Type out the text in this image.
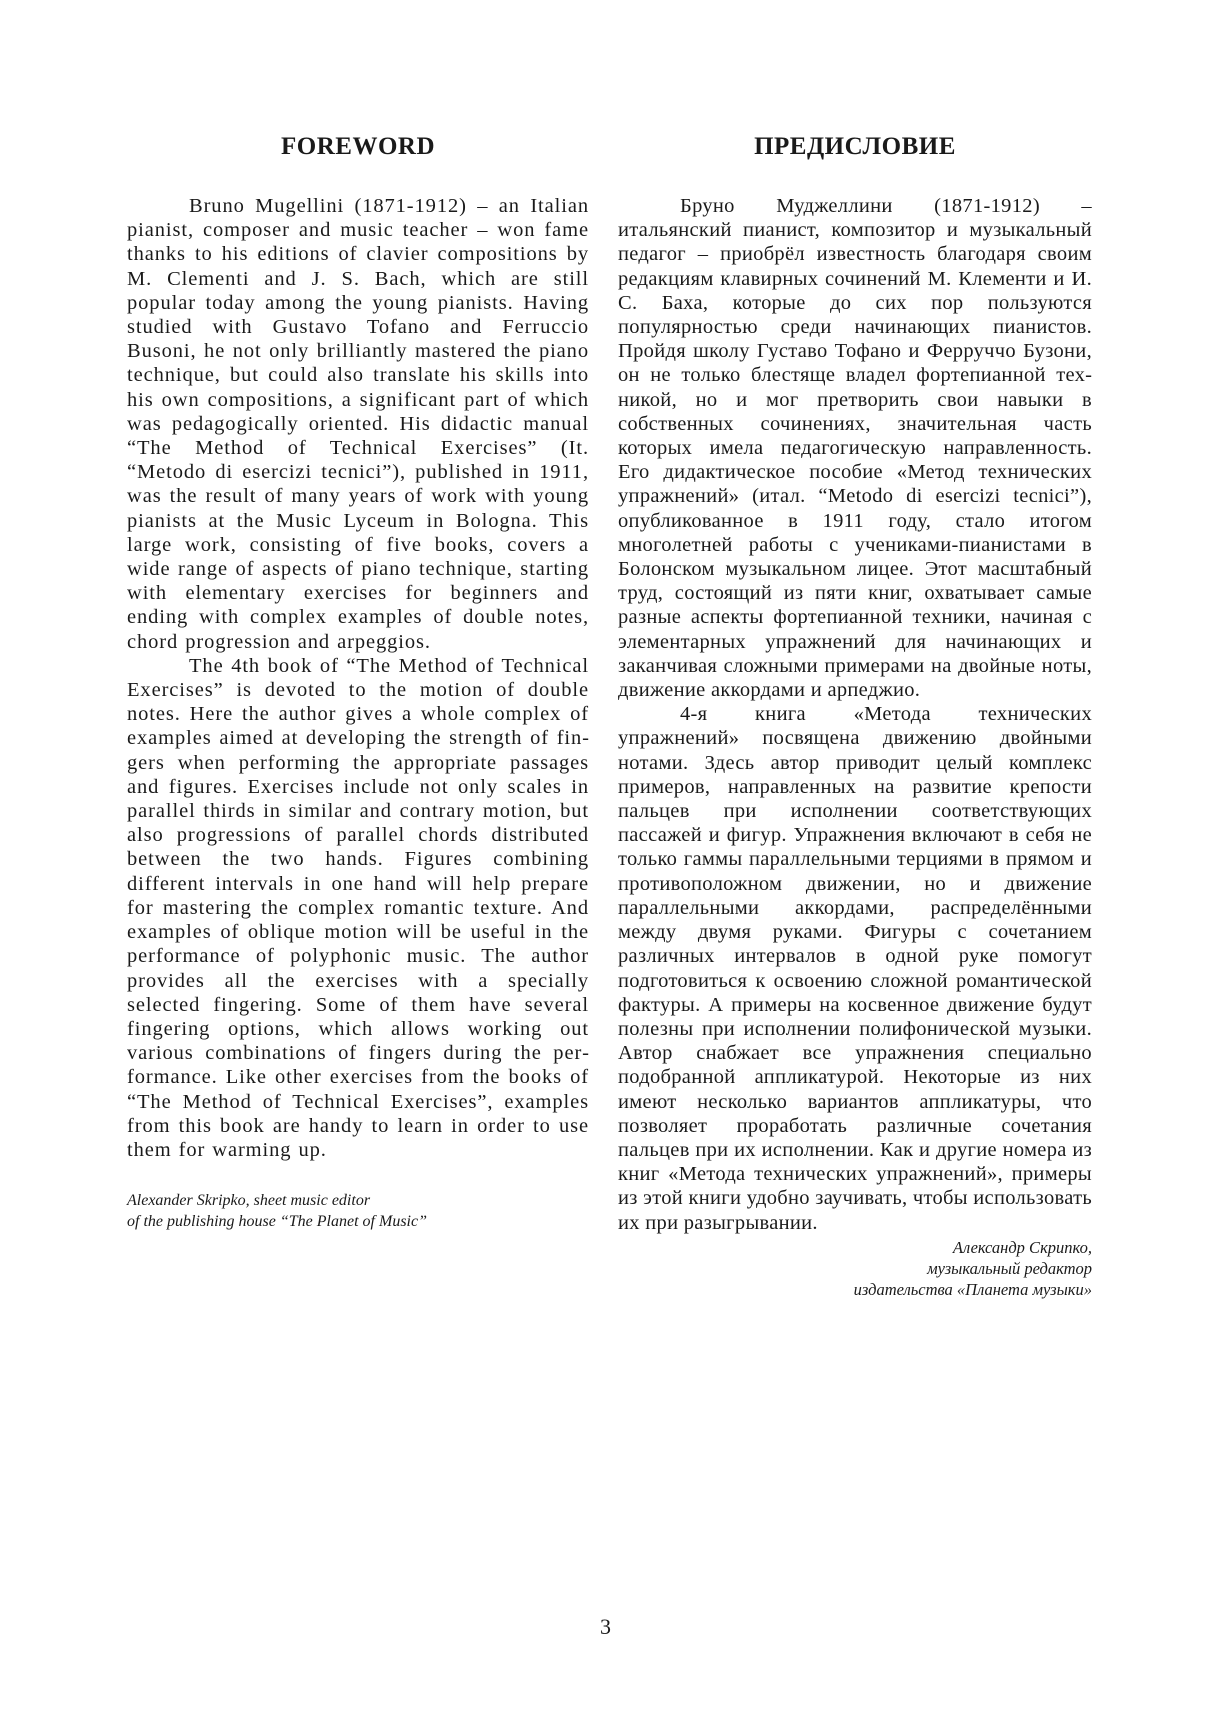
FOREWORD

Bruno Mugellini (1871-1912) – an Italian pianist, composer and music teacher – won fame thanks to his editions of clavier compositions by M. Clementi and J. S. Bach, which are still popular today among the young pianists. Having studied with Gustavo Tofano and Ferruccio Busoni, he not only brilliantly mastered the piano technique, but could also translate his skills into his own compositions, a significant part of which was pedagogically oriented. His didactic manual “The Method of Technical Exercises” (It. “Metodo di esercizi tecnici”), published in 1911, was the result of many years of work with young pianists at the Music Lyceum in Bologna. This large work, consisting of five books, covers a wide range of aspects of piano technique, starting with elementary exercises for beginners and ending with complex examples of double notes, chord progression and arpeggios.

The 4th book of “The Method of Technical Exercises” is devoted to the motion of double notes. Here the author gives a whole complex of examples aimed at developing the strength of fingers when performing the appropriate passages and figures. Exercises include not only scales in parallel thirds in similar and contrary motion, but also progressions of parallel chords distributed between the two hands. Figures combining different intervals in one hand will help prepare for mastering the complex romantic texture. And examples of oblique motion will be useful in the performance of polyphonic music. The author provides all the exercises with a specially selected fingering. Some of them have several fingering options, which allows working out various combinations of fingers during the performance. Like other exercises from the books of “The Method of Technical Exercises”, examples from this book are handy to learn in order to use them for warming up.

Alexander Skripko, sheet music editor
of the publishing house “The Planet of Music”
ПРЕДИСЛОВИЕ

Бруно Муджеллини (1871-1912) – итальянский пианист, композитор и музыкальный педагог – приобрёл известность благодаря своим редакциям клавирных сочинений М. Клементи и И. С. Баха, которые до сих пор пользуются популярностью среди начинающих пианистов. Пройдя школу Густаво Тофано и Ферруччо Бузони, он не только блестяще владел фортепианной техникой, но и мог претворить свои навыки в собственных сочинениях, значительная часть которых имела педагогическую направленность. Его дидактическое пособие «Метод технических упражнений» (итал. “Metodo di esercizi tecnici”), опубликованное в 1911 году, стало итогом многолетней работы с учениками-пианистами в Болонском музыкальном лицее. Этот масштабный труд, состоящий из пяти книг, охватывает самые разные аспекты фортепианной техники, начиная с элементарных упражнений для начинающих и заканчивая сложными примерами на двойные ноты, движение аккордами и арпеджио.

4-я книга «Метода технических упражнений» посвящена движению двойными нотами. Здесь автор приводит целый комплекс примеров, направленных на развитие крепости пальцев при исполнении соответствующих пассажей и фигур. Упражнения включают в себя не только гаммы параллельными терциями в прямом и противоположном движении, но и движение параллельными аккордами, распределёнными между двумя руками. Фигуры с сочетанием различных интервалов в одной руке помогут подготовиться к освоению сложной романтической фактуры. А примеры на косвенное движение будут полезны при исполнении полифонической музыки. Автор снабжает все упражнения специально подобранной аппликатурой. Некоторые из них имеют несколько вариантов аппликатуры, что позволяет проработать различные сочетания пальцев при их исполнении. Как и другие номера из книг «Метода технических упражнений», примеры из этой книги удобно заучивать, чтобы использовать их при разыгрывании.

Александр Скрипко,
музыкальный редактор
издательства «Планета музыки»
3
